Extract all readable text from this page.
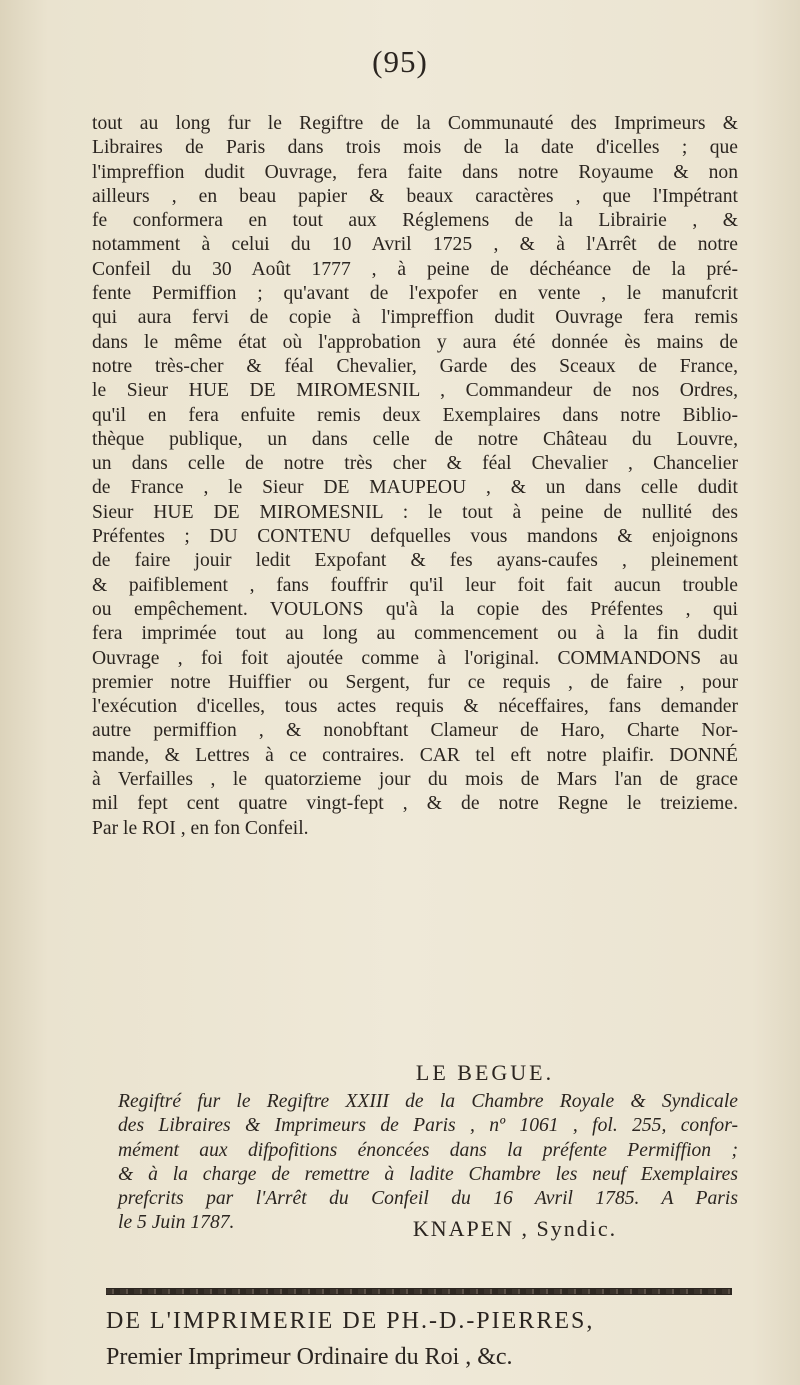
(95)
tout au long fur le Regiftre de la Communauté des Imprimeurs &
Libraires de Paris dans trois mois de la date d'icelles ; que
l'impreffion dudit Ouvrage, fera faite dans notre Royaume & non
ailleurs , en beau papier & beaux caractères , que l'Impétrant
fe conformera en tout aux Réglemens de la Librairie , &
notamment à celui du 10 Avril 1725 , & à l'Arrêt de notre
Confeil du 30 Août 1777 , à peine de déchéance de la pré-
fente Permiffion ; qu'avant de l'expofer en vente , le manufcrit
qui aura fervi de copie à l'impreffion dudit Ouvrage fera remis
dans le même état où l'approbation y aura été donnée ès mains de
notre très-cher & féal Chevalier, Garde des Sceaux de France,
le Sieur HUE DE MIROMESNIL , Commandeur de nos Ordres,
qu'il en fera enfuite remis deux Exemplaires dans notre Biblio-
thèque publique, un dans celle de notre Château du Louvre,
un dans celle de notre très cher & féal Chevalier , Chancelier
de France , le Sieur DE MAUPEOU , & un dans celle dudit
Sieur HUE DE MIROMESNIL : le tout à peine de nullité des
Préfentes ; DU CONTENU defquelles vous mandons & enjoignons
de faire jouir ledit Expofant & fes ayans-caufes , pleinement
& paifiblement , fans fouffrir qu'il leur foit fait aucun trouble
ou empêchement. VOULONS qu'à la copie des Préfentes , qui
fera imprimée tout au long au commencement ou à la fin dudit
Ouvrage , foi foit ajoutée comme à l'original. COMMANDONS au
premier notre Huiffier ou Sergent, fur ce requis , de faire , pour
l'exécution d'icelles, tous actes requis & néceffaires, fans demander
autre permiffion , & nonobftant Clameur de Haro, Charte Nor-
mande, & Lettres à ce contraires. CAR tel eft notre plaifir. DONNÉ
à Verfailles , le quatorzieme jour du mois de Mars l'an de grace
mil fept cent quatre vingt-fept , & de notre Regne le treizieme.
Par le ROI , en fon Confeil.
LE BEGUE.
Regiftré fur le Regiftre XXIII de la Chambre Royale & Syndicale
des Libraires & Imprimeurs de Paris , nº 1061 , fol. 255, confor-
mément aux difpofitions énoncées dans la préfente Permiffion ;
& à la charge de remettre à ladite Chambre les neuf Exemplaires
prefcrits par l'Arrêt du Confeil du 16 Avril 1785. A Paris
le 5 Juin 1787.	KNAPEN , Syndic.
DE L'IMPRIMERIE DE PH.-D.-PIERRES,
Premier Imprimeur Ordinaire du Roi , &c.
